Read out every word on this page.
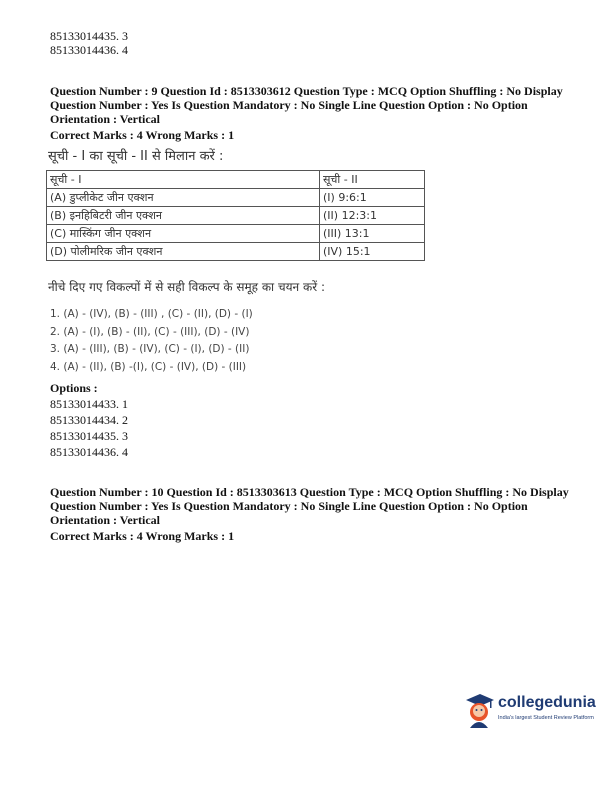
85133014435. 3
85133014436. 4
Question Number : 9 Question Id : 8513303612 Question Type : MCQ Option Shuffling : No Display
Question Number : Yes Is Question Mandatory : No Single Line Question Option : No Option
Orientation : Vertical
Correct Marks : 4 Wrong Marks : 1
सूची - I का सूची - II से मिलान करें :
सूची - I	सूची - II
(A) डुप्लीकेट जीन एक्शन	(I) 9:6:1
(B) इनहिबिटरी जीन एक्शन	(II) 12:3:1
(C) मास्किंग जीन एक्शन	(III) 13:1
(D) पोलीमरिक जीन एक्शन	(IV) 15:1
नीचे दिए गए विकल्पों में से सही विकल्प के समूह का चयन करें :
1. (A) - (IV), (B) - (III) , (C) - (II), (D) - (I)
2. (A) - (I), (B) - (II), (C) - (III), (D) - (IV)
3. (A) - (III), (B) - (IV), (C) - (I), (D) - (II)
4. (A) - (II), (B) -(I), (C) - (IV), (D) - (III)
Options :
85133014433. 1
85133014434. 2
85133014435. 3
85133014436. 4
Question Number : 10 Question Id : 8513303613 Question Type : MCQ Option Shuffling : No Display
Question Number : Yes Is Question Mandatory : No Single Line Question Option : No Option
Orientation : Vertical
Correct Marks : 4 Wrong Marks : 1
collegedunia
India's largest Student Review Platform
